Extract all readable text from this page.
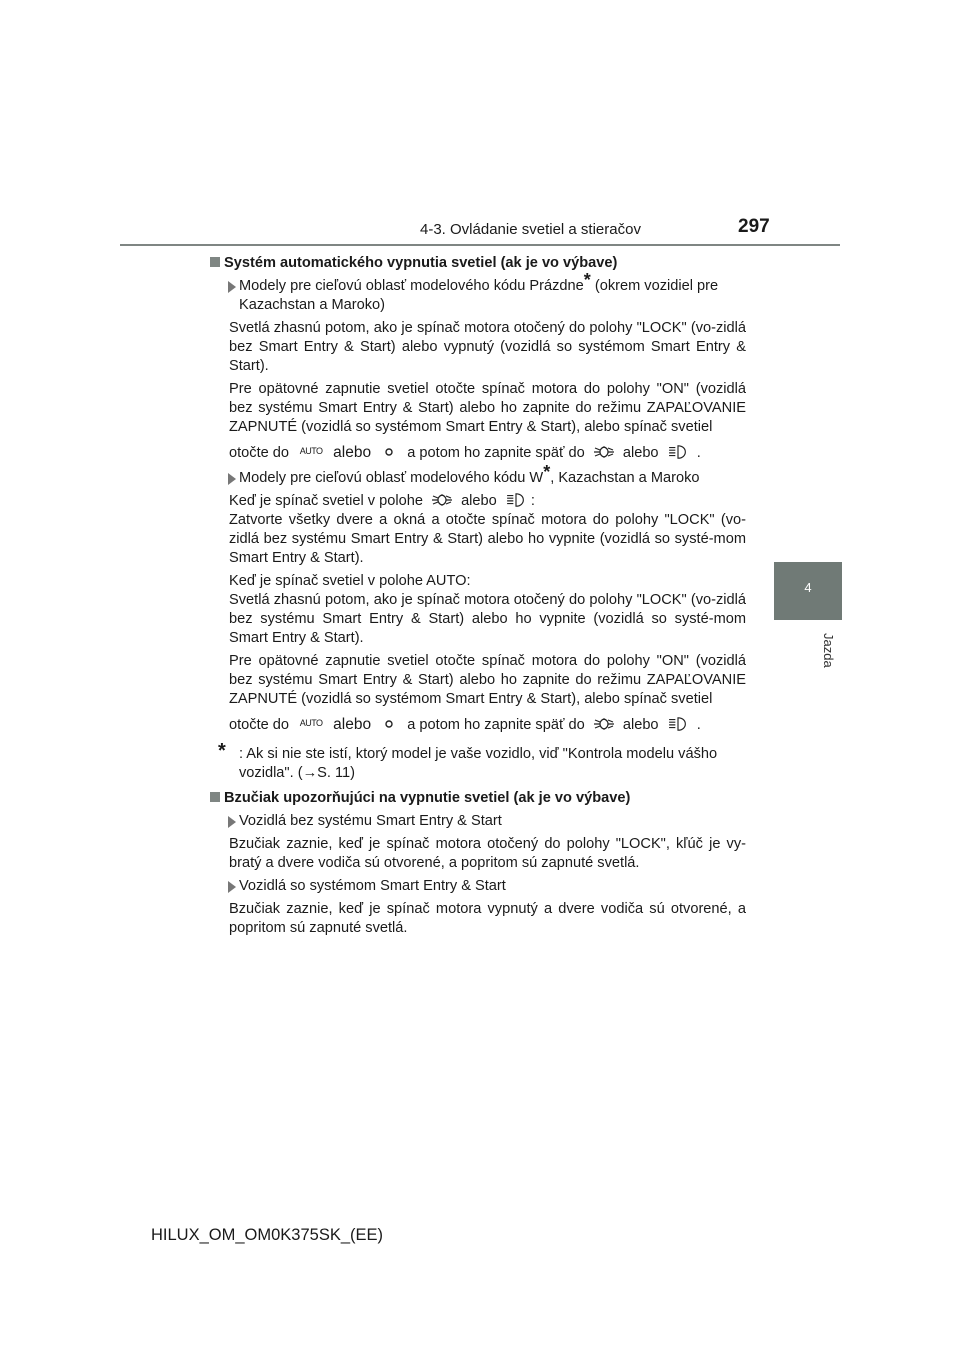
4-3. Ovládanie svetiel a stieračov	297
4
Jazda
Systém automatického vypnutia svetiel (ak je vo výbave)
Modely pre cieľovú oblasť modelového kódu Prázdne* (okrem vozidiel pre Kazachstan a Maroko)
Svetlá zhasnú potom, ako je spínač motora otočený do polohy "LOCK" (vo-zidlá bez Smart Entry & Start) alebo vypnutý (vozidlá so systémom Smart Entry & Start).
Pre opätovné zapnutie svetiel otočte spínač motora do polohy "ON" (vozidlá bez systému Smart Entry & Start) alebo ho zapnite do režimu ZAPAĽOVANIE ZAPNUTÉ (vozidlá so systémom Smart Entry & Start), alebo spínač svetiel
otočte do AUTO alebo a potom ho zapnite späť do	alebo	.
Modely pre cieľovú oblasť modelového kódu W*, Kazachstan a Maroko
Keď je spínač svetiel v polohe	alebo :
Zatvorte všetky dvere a okná a otočte spínač motora do polohy "LOCK" (vo-zidlá bez systému Smart Entry & Start) alebo ho vypnite (vozidlá so systé-mom Smart Entry & Start).
Keď je spínač svetiel v polohe AUTO:
Svetlá zhasnú potom, ako je spínač motora otočený do polohy "LOCK" (vo-zidlá bez systému Smart Entry & Start) alebo ho vypnite (vozidlá so systé-mom Smart Entry & Start).
Pre opätovné zapnutie svetiel otočte spínač motora do polohy "ON" (vozidlá bez systému Smart Entry & Start) alebo ho zapnite do režimu ZAPAĽOVANIE ZAPNUTÉ (vozidlá so systémom Smart Entry & Start), alebo spínač svetiel
otočte do AUTO alebo a potom ho zapnite späť do	alebo	.
* : Ak si nie ste istí, ktorý model je vaše vozidlo, viď "Kontrola modelu vášho vozidla". (→S. 11)
Bzučiak upozorňujúci na vypnutie svetiel (ak je vo výbave)
Vozidlá bez systému Smart Entry & Start
Bzučiak zaznie, keď je spínač motora otočený do polohy "LOCK", kľúč je vy-bratý a dvere vodiča sú otvorené, a popritom sú zapnuté svetlá.
Vozidlá so systémom Smart Entry & Start
Bzučiak zaznie, keď je spínač motora vypnutý a dvere vodiča sú otvorené, a popritom sú zapnuté svetlá.
HILUX_OM_OM0K375SK_(EE)
